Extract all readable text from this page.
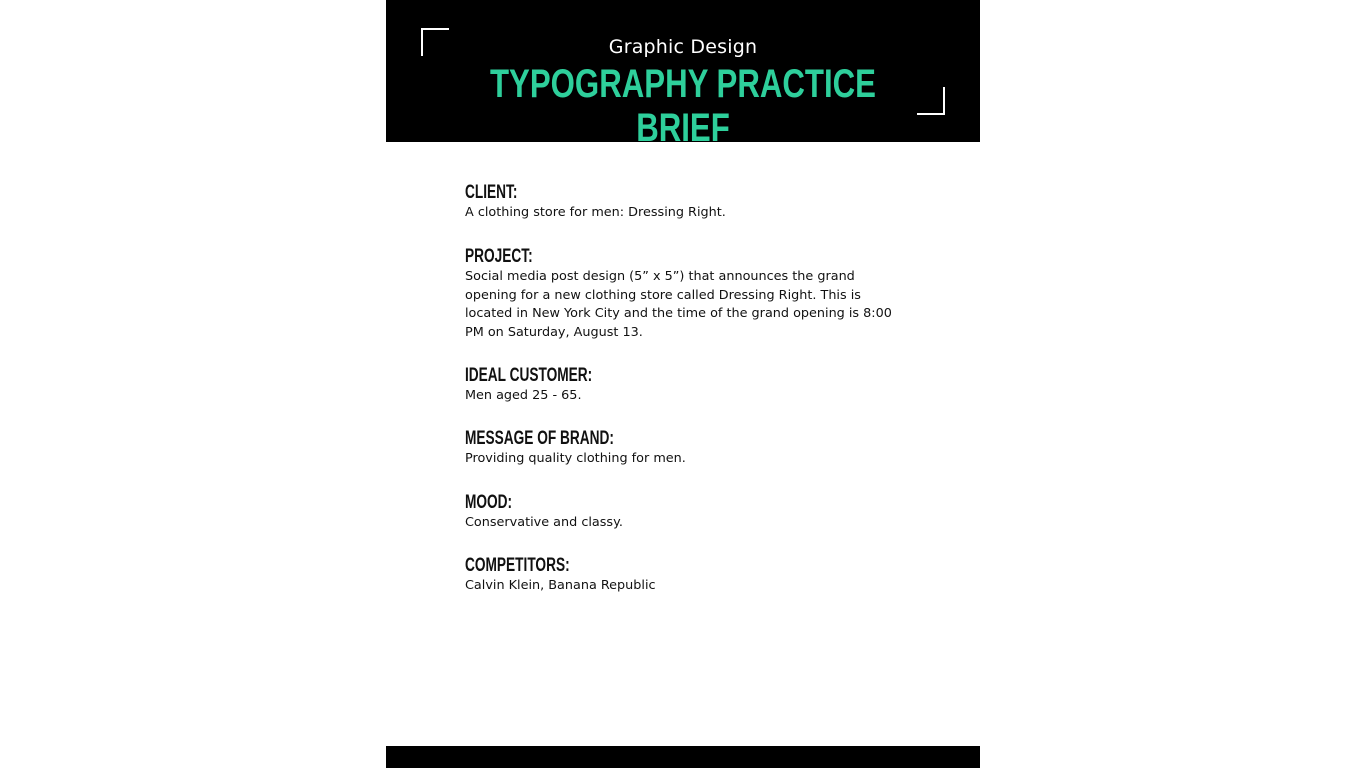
Graphic Design
TYPOGRAPHY PRACTICE BRIEF
CLIENT:
A clothing store for men: Dressing Right.
PROJECT:
Social media post design (5” x 5”) that announces the grand opening for a new clothing store called Dressing Right. This is located in New York City and the time of the grand opening is 8:00 PM on Saturday, August 13.
IDEAL CUSTOMER:
Men aged 25 - 65.
MESSAGE OF BRAND:
Providing quality clothing for men.
MOOD:
Conservative and classy.
COMPETITORS:
Calvin Klein, Banana Republic
